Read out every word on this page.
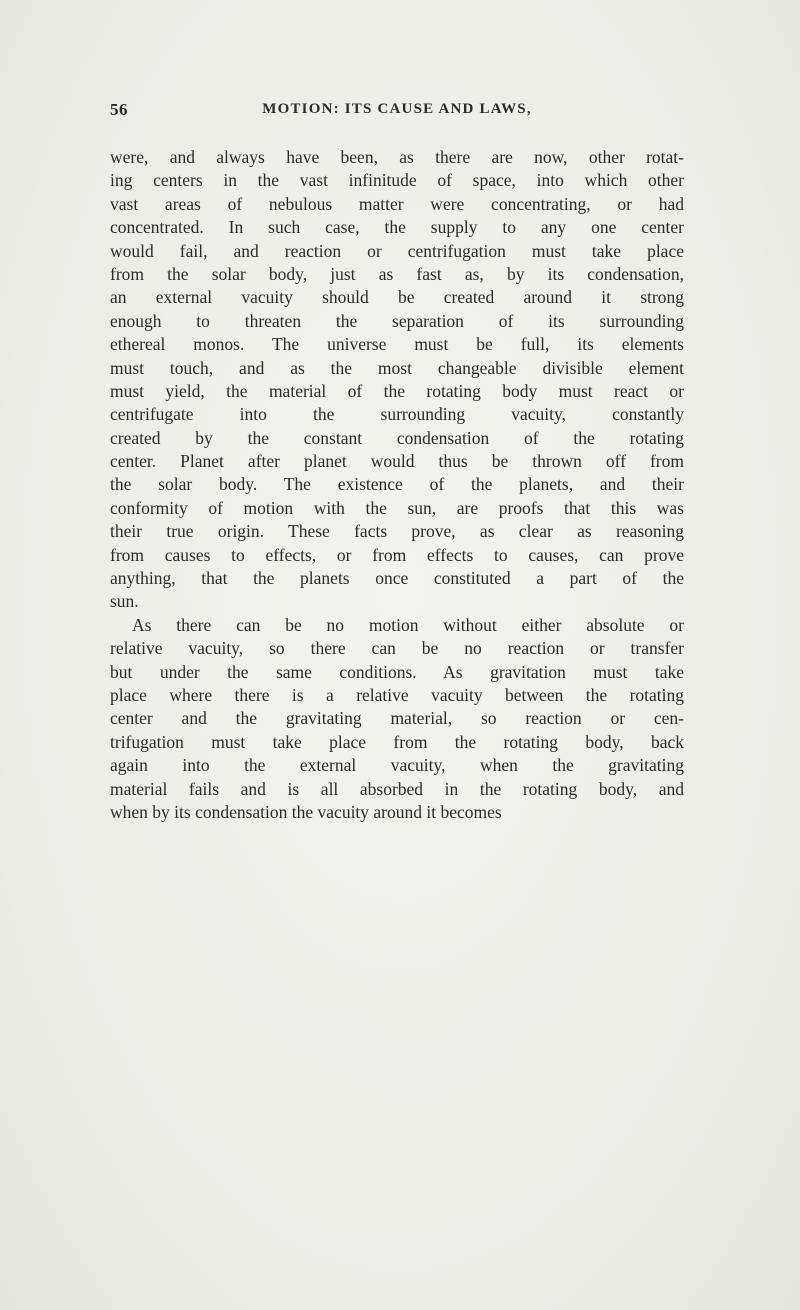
56	MOTION: ITS CAUSE AND LAWS,
were, and always have been, as there are now, other rotat-
ing centers in the vast infinitude of space, into which other
vast areas of nebulous matter were concentrating, or had
concentrated. In such case, the supply to any one center
would fail, and reaction or centrifugation must take place
from the solar body, just as fast as, by its condensation,
an external vacuity should be created around it strong
enough to threaten the separation of its surrounding
ethereal monos. The universe must be full, its elements
must touch, and as the most changeable divisible element
must yield, the material of the rotating body must react or
centrifugate into the surrounding vacuity, constantly
created by the constant condensation of the rotating
center. Planet after planet would thus be thrown off from
the solar body. The existence of the planets, and their
conformity of motion with the sun, are proofs that this was
their true origin. These facts prove, as clear as reasoning
from causes to effects, or from effects to causes, can prove
anything, that the planets once constituted a part of the
sun.
As there can be no motion without either absolute or
relative vacuity, so there can be no reaction or transfer
but under the same conditions. As gravitation must take
place where there is a relative vacuity between the rotating
center and the gravitating material, so reaction or cen-
trifugation must take place from the rotating body, back
again into the external vacuity, when the gravitating
material fails and is all absorbed in the rotating body, and
when by its condensation the vacuity around it becomes
